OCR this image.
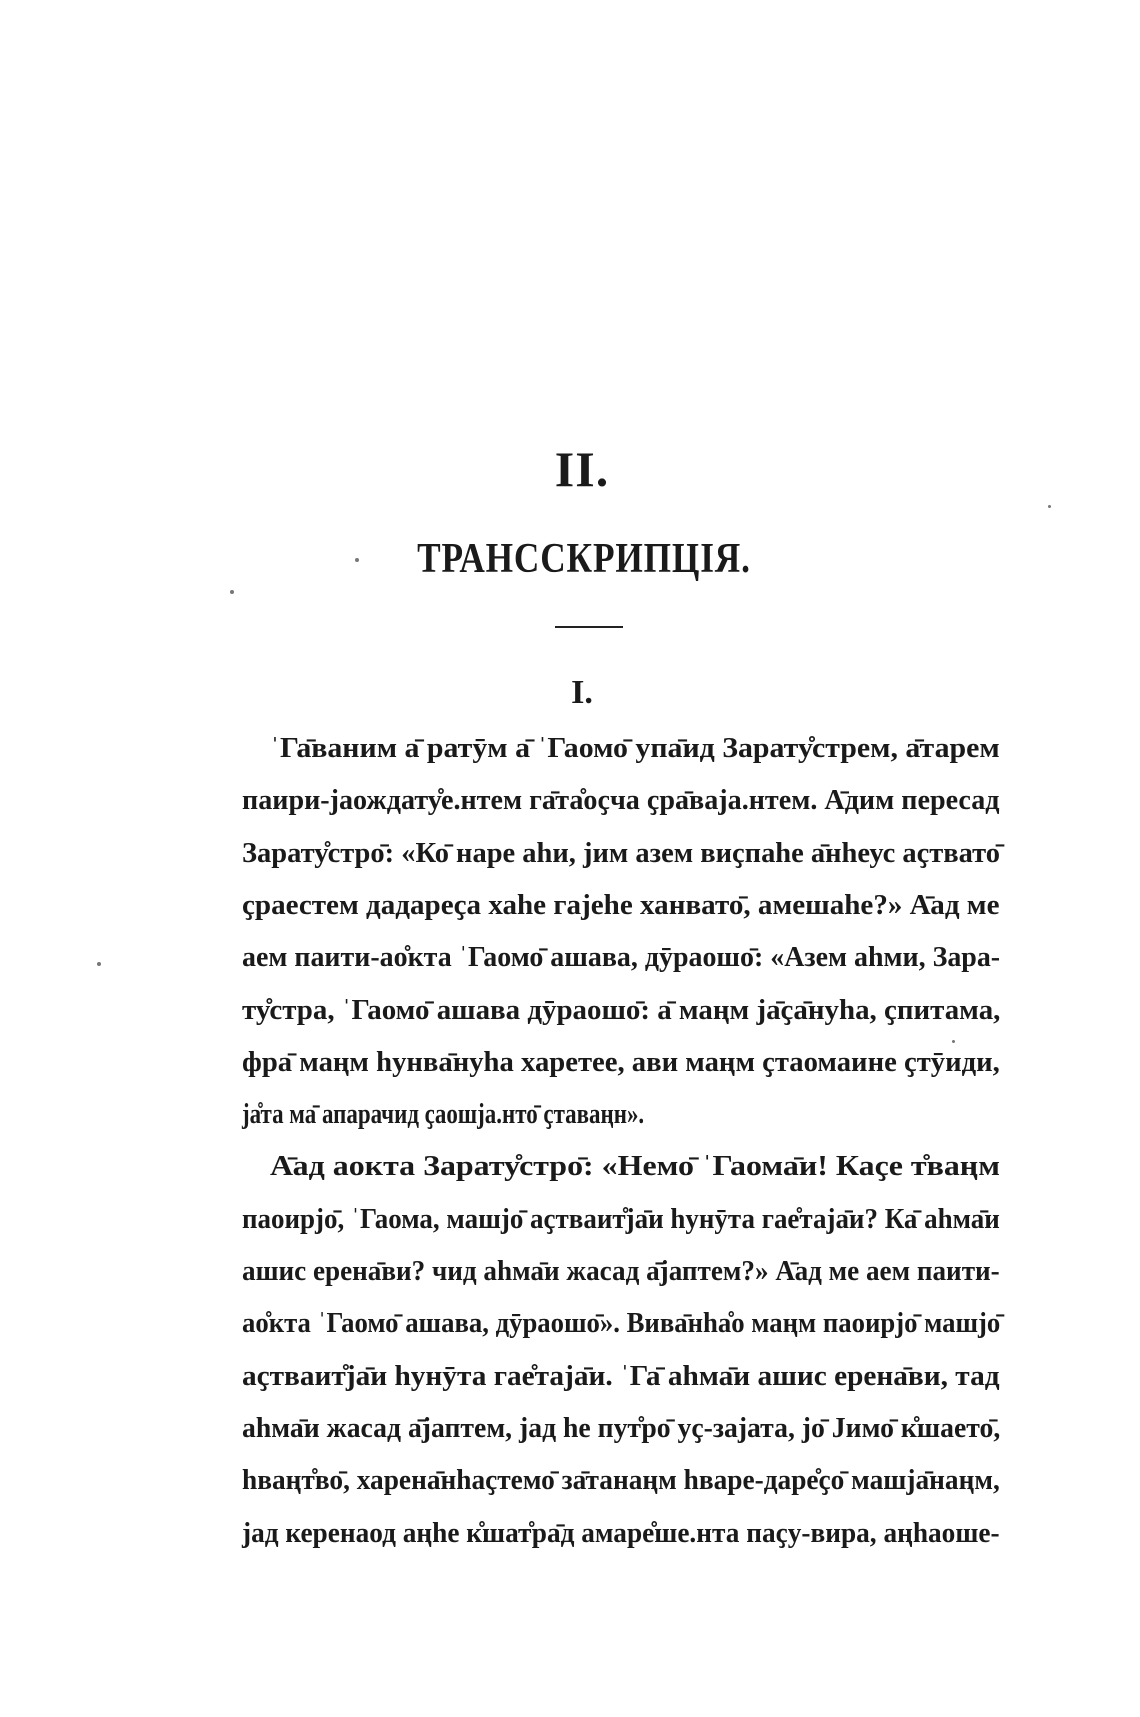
II.
ТРАНССКРИПЦІЯ.
I.
ˈГа̄ваним а̄ ратӯм а̄ ˈГаомо̄ упа̄ид Зарату̊стрем, а̄тарем
паири-јаождату̊е.нтем га̄та̊оҫча ҫра̄ваја.нтем. А̄дим пересад
Зарату̊стро̄: «Ко̄ наре аhи, јим азем виҫпаhе а̄нhеус аҫтвато̄
ҫраестем дадареҫа хаhе гајеhе ханвато̄, амешаhе?» А̄ад ме
аем паити-ао̊кта ˈГаомо̄ ашава, дӯраошо̄: «Азем аhми, Зара-
ту̊стра, ˈГаомо̄ ашава дӯраошо̄: а̄ маңм ја̄ҫа̄нуhа, ҫпитама,
фра̄ маңм hунва̄нуhа харетее, ави маңм ҫтаомаине ҫтӯиди,
ја̊та ма̄ апарачид ҫаошја.нто̄ ҫтаваңн».
А̄ад аокта Зарату̊стро̄: «Немо̄ ˈГаома̄и! Каҫе т̊ваңм
паоирјо̄, ˈГаома, машјо̄ аҫтваит̊ја̄и hунӯта гае̊таја̄и? Ка̄ аhма̄и
ашис ерена̄ви? чид аhма̄и жасад а̄јаптем?» А̄ад ме аем паити-
ао̊кта ˈГаомо̄ ашава, дӯраошо̄». Вива̄нhа̊о маңм паоирјо̄ машјо̄
аҫтваит̊ја̄и hунӯта гае̊таја̄и. ˈГа̄ аhма̄и ашис ерена̄ви, тад
аhма̄и жасад а̄јаптем, јад hе пут̊ро̄ уҫ-зајата, јо̄ Јимо̄ к̊шаето̄,
hваңт̊во̄, харена̄нhаҫтемо̄ за̄танаңм hваре-даре̊ҫо̄ машја̄наңм,
јад керенаод аңhе к̊шат̊ра̄д амаре̊ше.нта паҫу-вира, аңhаоше-
